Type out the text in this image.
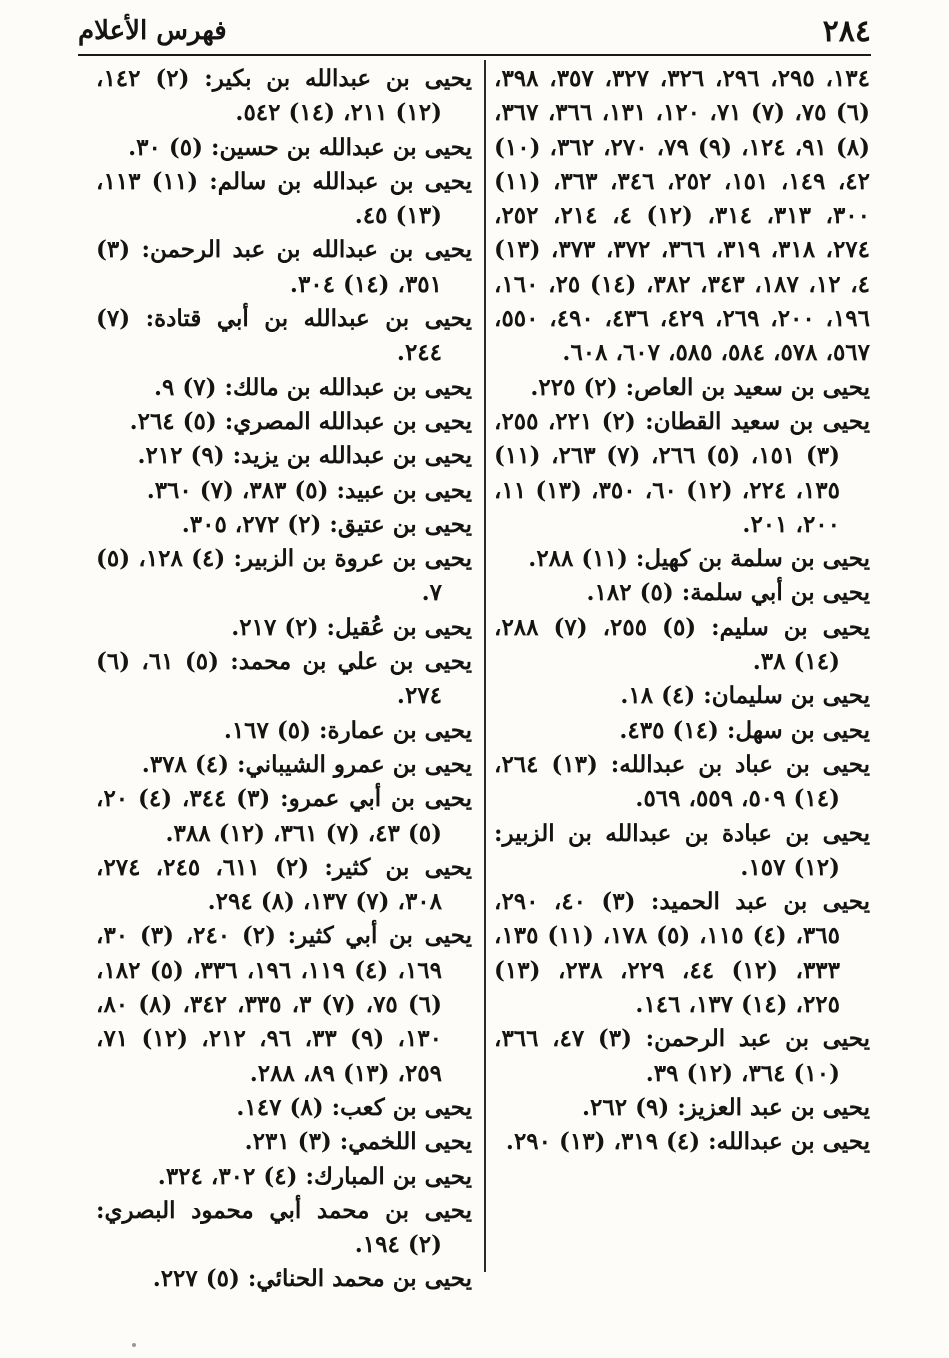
٢٨٤
فهرس الأعلام

١٣٤، ٢٩٥، ٢٩٦، ٣٢٦، ٣٢٧، ٣٥٧، ٣٩٨، (٦) ٧٥، (٧) ٧١، ١٢٠، ١٣١، ٣٦٦، ٣٦٧، (٨) ٩١، ١٢٤، (٩) ٧٩، ٢٧٠، ٣٦٢، (١٠) ٤٢، ١٤٩، ١٥١، ٢٥٢، ٣٤٦، ٣٦٣، (١١) ٣٠٠، ٣١٣، ٣١٤، (١٢) ٤، ٢١٤، ٢٥٢، ٢٧٤، ٣١٨، ٣١٩، ٣٦٦، ٣٧٢، ٣٧٣، (١٣) ٤، ١٢، ١٨٧، ٣٤٣، ٣٨٢، (١٤) ٢٥، ١٦٠، ١٩٦، ٢٠٠، ٢٦٩، ٤٢٩، ٤٣٦، ٤٩٠، ٥٥٠، ٥٦٧، ٥٧٨، ٥٨٤، ٥٨٥، ٦٠٧، ٦٠٨.

يحيى بن سعيد بن العاص: (٢) ٢٢٥.

يحيى بن سعيد القطان: (٢) ٢٢١، ٢٥٥، (٣) ١٥١، (٥) ٢٦٦، (٧) ٢٦٣، (١١) ١٣٥، ٢٢٤، (١٢) ٦٠، ٣٥٠، (١٣) ١١، ٢٠٠، ٢٠١.

يحيى بن سلمة بن كهيل: (١١) ٢٨٨.

يحيى بن أبي سلمة: (٥) ١٨٢.

يحيى بن سليم: (٥) ٢٥٥، (٧) ٢٨٨، (١٤) ٣٨.

يحيى بن سليمان: (٤) ١٨.

يحيى بن سهل: (١٤) ٤٣٥.

يحيى بن عباد بن عبدالله: (١٣) ٢٦٤، (١٤) ٥٠٩، ٥٥٩، ٥٦٩.

يحيى بن عبادة بن عبدالله بن الزبير: (١٢) ١٥٧.

يحيى بن عبد الحميد: (٣) ٤٠، ٢٩٠، ٣٦٥، (٤) ١١٥، (٥) ١٧٨، (١١) ١٣٥، ٣٣٣، (١٢) ٤٤، ٢٢٩، ٢٣٨، (١٣) ٢٢٥، (١٤) ١٣٧، ١٤٦.

يحيى بن عبد الرحمن: (٣) ٤٧، ٣٦٦، (١٠) ٣٦٤، (١٢) ٣٩.

يحيى بن عبد العزيز: (٩) ٢٦٢.

يحيى بن عبدالله: (٤) ٣١٩، (١٣) ٢٩٠.

يحيى بن عبدالله بن بكير: (٢) ١٤٢، (١٢) ٢١١، (١٤) ٥٤٢.

يحيى بن عبدالله بن حسين: (٥) ٣٠.

يحيى بن عبدالله بن سالم: (١١) ١١٣، (١٣) ٤٥.

يحيى بن عبدالله بن عبد الرحمن: (٣) ٣٥١، (١٤) ٣٠٤.

يحيى بن عبدالله بن أبي قتادة: (٧) ٢٤٤.

يحيى بن عبدالله بن مالك: (٧) ٩.

يحيى بن عبدالله المصري: (٥) ٢٦٤.

يحيى بن عبدالله بن يزيد: (٩) ٢١٢.

يحيى بن عبيد: (٥) ٣٨٣، (٧) ٣٦٠.

يحيى بن عتيق: (٢) ٢٧٢، ٣٠٥.

يحيى بن عروة بن الزبير: (٤) ١٢٨، (٥) ٧.

يحيى بن عُقيل: (٢) ٢١٧.

يحيى بن علي بن محمد: (٥) ٦١، (٦) ٢٧٤.

يحيى بن عمارة: (٥) ١٦٧.

يحيى بن عمرو الشيباني: (٤) ٣٧٨.

يحيى بن أبي عمرو: (٣) ٣٤٤، (٤) ٢٠، (٥) ٤٣، (٧) ٣٦١، (١٢) ٣٨٨.

يحيى بن كثير: (٢) ٦١١، ٢٤٥، ٢٧٤، ٣٠٨، (٧) ١٣٧، (٨) ٢٩٤.

يحيى بن أبي كثير: (٢) ٢٤٠، (٣) ٣٠، ١٦٩، (٤) ١١٩، ١٩٦، ٣٣٦، (٥) ١٨٢، (٦) ٧٥، (٧) ٣، ٣٣٥، ٣٤٢، (٨) ٨٠، ١٣٠، (٩) ٣٣، ٩٦، ٢١٢، (١٢) ٧١، ٢٥٩، (١٣) ٨٩، ٢٨٨.

يحيى بن كعب: (٨) ١٤٧.

يحيى اللخمي: (٣) ٢٣١.

يحيى بن المبارك: (٤) ٣٠٢، ٣٢٤.

يحيى بن محمد أبي محمود البصري: (٢) ١٩٤.

يحيى بن محمد الحنائي: (٥) ٢٢٧.
